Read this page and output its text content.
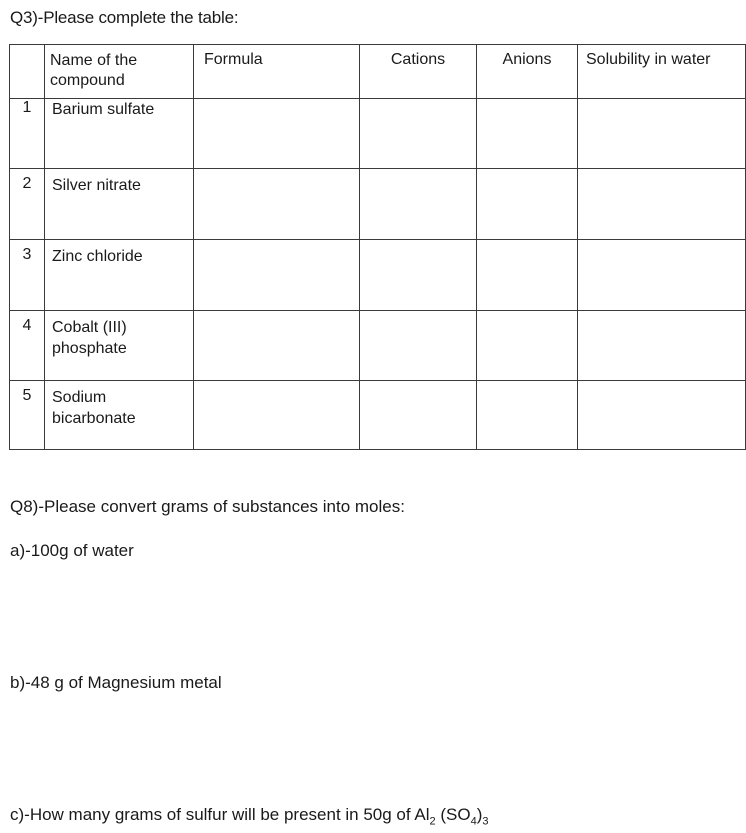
Q3)-Please complete the table:
	Name of the compound	Formula	Cations	Anions	Solubility in water
1	Barium sulfate				
2	Silver nitrate				
3	Zinc chloride				
4	Cobalt (III) phosphate				
5	Sodium bicarbonate				
Q8)-Please convert grams of substances into moles:
a)-100g of water
b)-48 g of Magnesium metal
c)-How many grams of sulfur will be present in 50g of $Al_2$ $(SO_4)_3$
